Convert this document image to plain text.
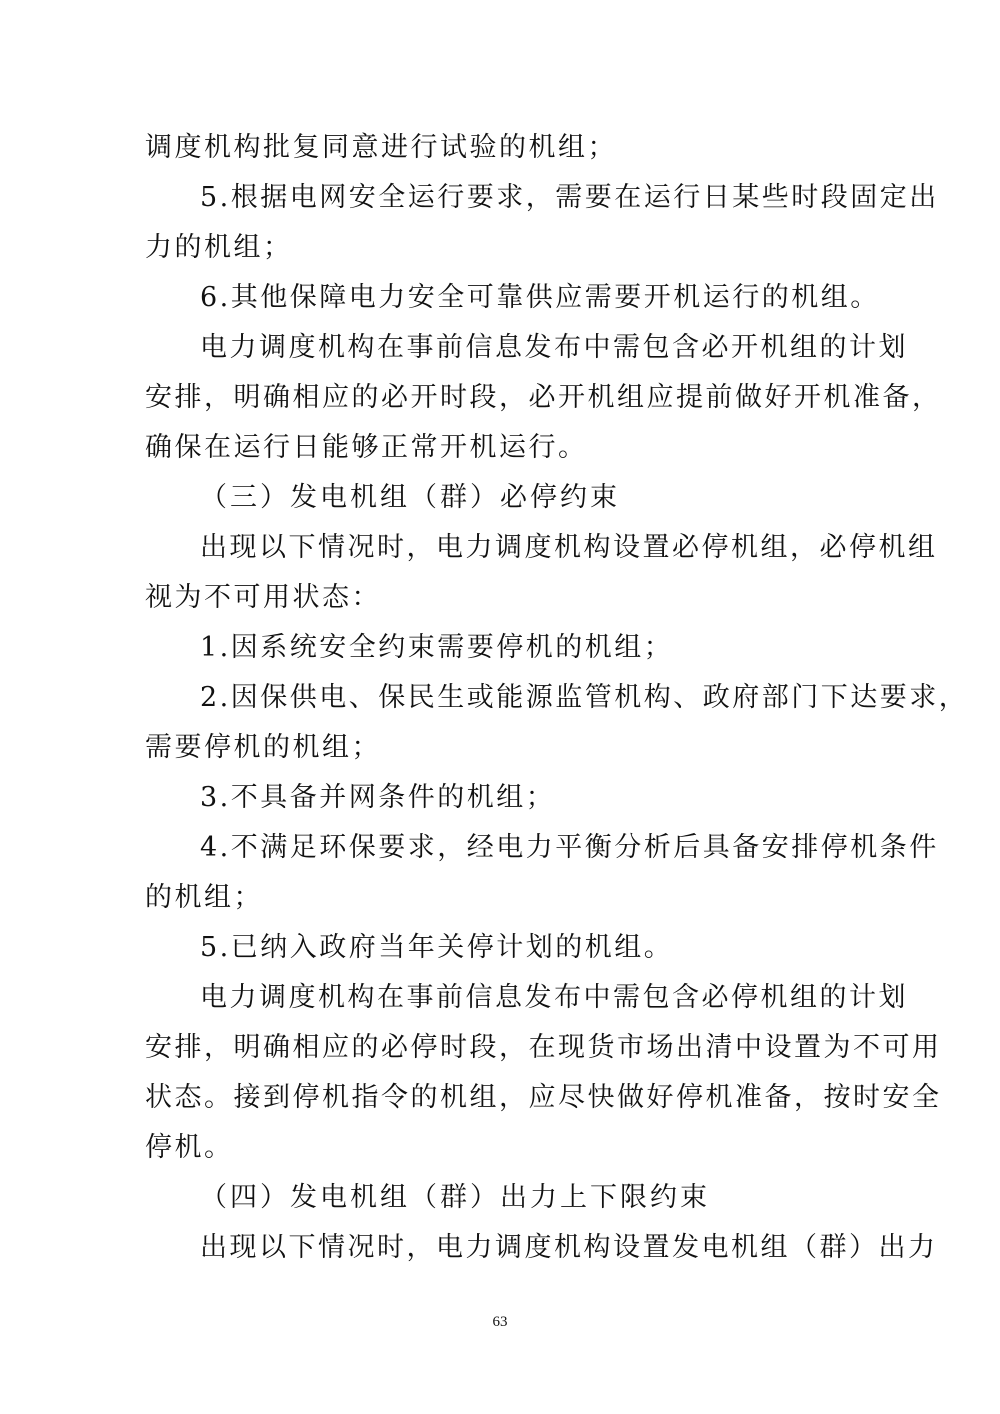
调度机构批复同意进行试验的机组；
5.根据电网安全运行要求，需要在运行日某些时段固定出
力的机组；
6.其他保障电力安全可靠供应需要开机运行的机组。
电力调度机构在事前信息发布中需包含必开机组的计划
安排，明确相应的必开时段，必开机组应提前做好开机准备，
确保在运行日能够正常开机运行。
（三）发电机组（群）必停约束
出现以下情况时，电力调度机构设置必停机组，必停机组
视为不可用状态：
1.因系统安全约束需要停机的机组；
2.因保供电、保民生或能源监管机构、政府部门下达要求，
需要停机的机组；
3.不具备并网条件的机组；
4.不满足环保要求，经电力平衡分析后具备安排停机条件
的机组；
5.已纳入政府当年关停计划的机组。
电力调度机构在事前信息发布中需包含必停机组的计划
安排，明确相应的必停时段，在现货市场出清中设置为不可用
状态。接到停机指令的机组，应尽快做好停机准备，按时安全
停机。
（四）发电机组（群）出力上下限约束
出现以下情况时，电力调度机构设置发电机组（群）出力
63
